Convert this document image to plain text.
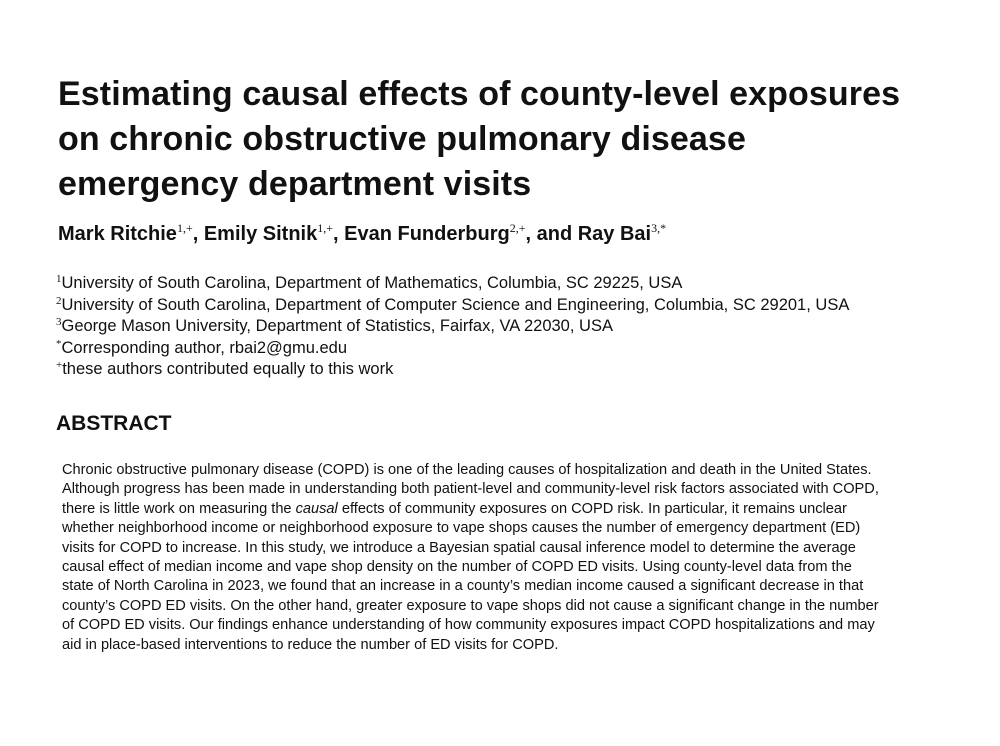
Estimating causal effects of county-level exposures
on chronic obstructive pulmonary disease
emergency department visits
Mark Ritchie$^{1,+}$, Emily Sitnik$^{1,+}$, Evan Funderburg$^{2,+}$, and Ray Bai$^{3,*}$
$^1$University of South Carolina, Department of Mathematics, Columbia, SC 29225, USA
$^2$University of South Carolina, Department of Computer Science and Engineering, Columbia, SC 29201, USA
$^3$George Mason University, Department of Statistics, Fairfax, VA 22030, USA
*Corresponding author, rbai2@gmu.edu
+these authors contributed equally to this work
ABSTRACT
Chronic obstructive pulmonary disease (COPD) is one of the leading causes of hospitalization and death in the United States.
Although progress has been made in understanding both patient-level and community-level risk factors associated with COPD,
there is little work on measuring the causal effects of community exposures on COPD risk. In particular, it remains unclear
whether neighborhood income or neighborhood exposure to vape shops causes the number of emergency department (ED)
visits for COPD to increase. In this study, we introduce a Bayesian spatial causal inference model to determine the average
causal effect of median income and vape shop density on the number of COPD ED visits. Using county-level data from the
state of North Carolina in 2023, we found that an increase in a county’s median income caused a significant decrease in that
county’s COPD ED visits. On the other hand, greater exposure to vape shops did not cause a significant change in the number
of COPD ED visits. Our findings enhance understanding of how community exposures impact COPD hospitalizations and may
aid in place-based interventions to reduce the number of ED visits for COPD.
